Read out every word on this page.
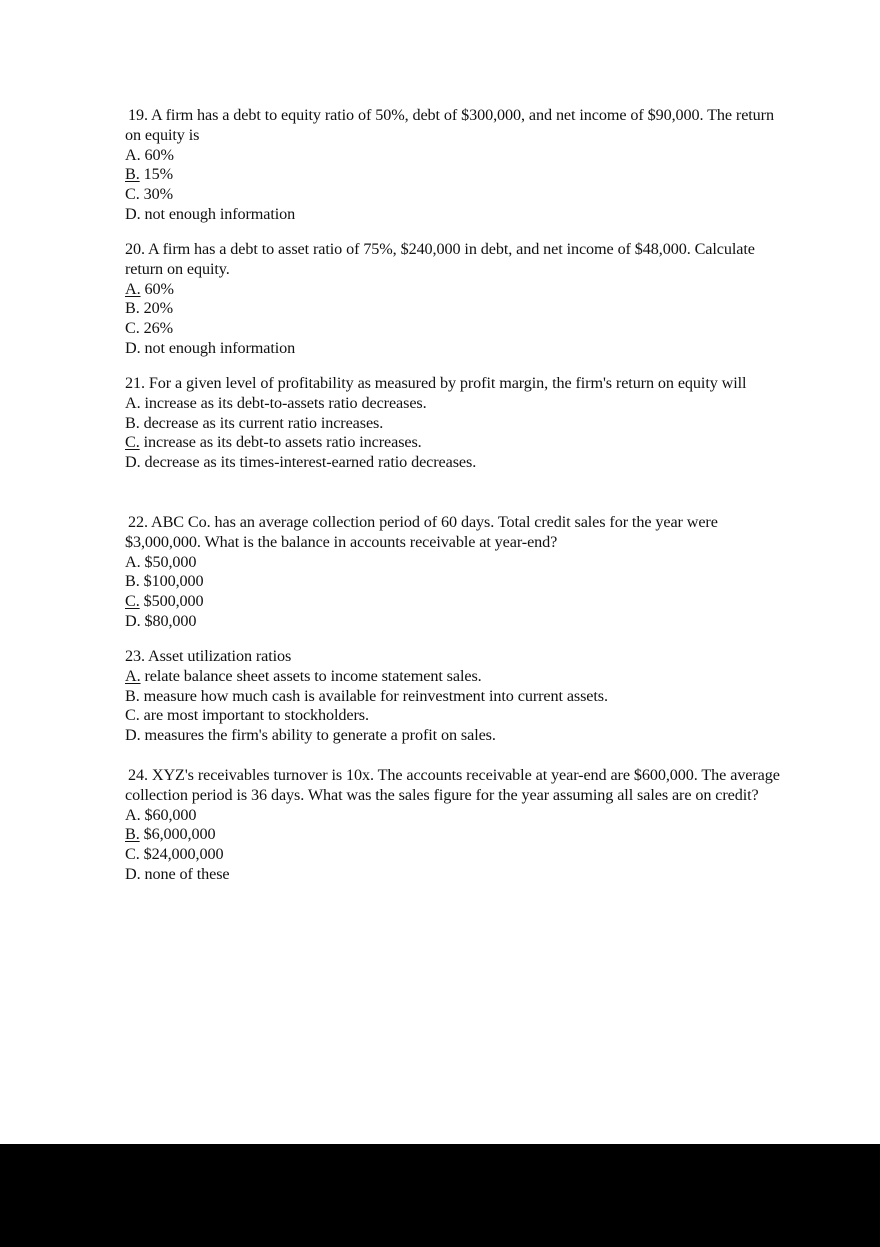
19. A firm has a debt to equity ratio of 50%, debt of $300,000, and net income of $90,000. The return on equity is
A. 60%
B. 15%
C. 30%
D. not enough information
20. A firm has a debt to asset ratio of 75%, $240,000 in debt, and net income of $48,000. Calculate return on equity.
A. 60%
B. 20%
C. 26%
D. not enough information
21. For a given level of profitability as measured by profit margin, the firm's return on equity will
A. increase as its debt-to-assets ratio decreases.
B. decrease as its current ratio increases.
C. increase as its debt-to assets ratio increases.
D. decrease as its times-interest-earned ratio decreases.
22. ABC Co. has an average collection period of 60 days. Total credit sales for the year were $3,000,000. What is the balance in accounts receivable at year-end?
A. $50,000
B. $100,000
C. $500,000
D. $80,000
23. Asset utilization ratios
A. relate balance sheet assets to income statement sales.
B. measure how much cash is available for reinvestment into current assets.
C. are most important to stockholders.
D. measures the firm's ability to generate a profit on sales.
24. XYZ's receivables turnover is 10x. The accounts receivable at year-end are $600,000. The average collection period is 36 days. What was the sales figure for the year assuming all sales are on credit?
A. $60,000
B. $6,000,000
C. $24,000,000
D. none of these
